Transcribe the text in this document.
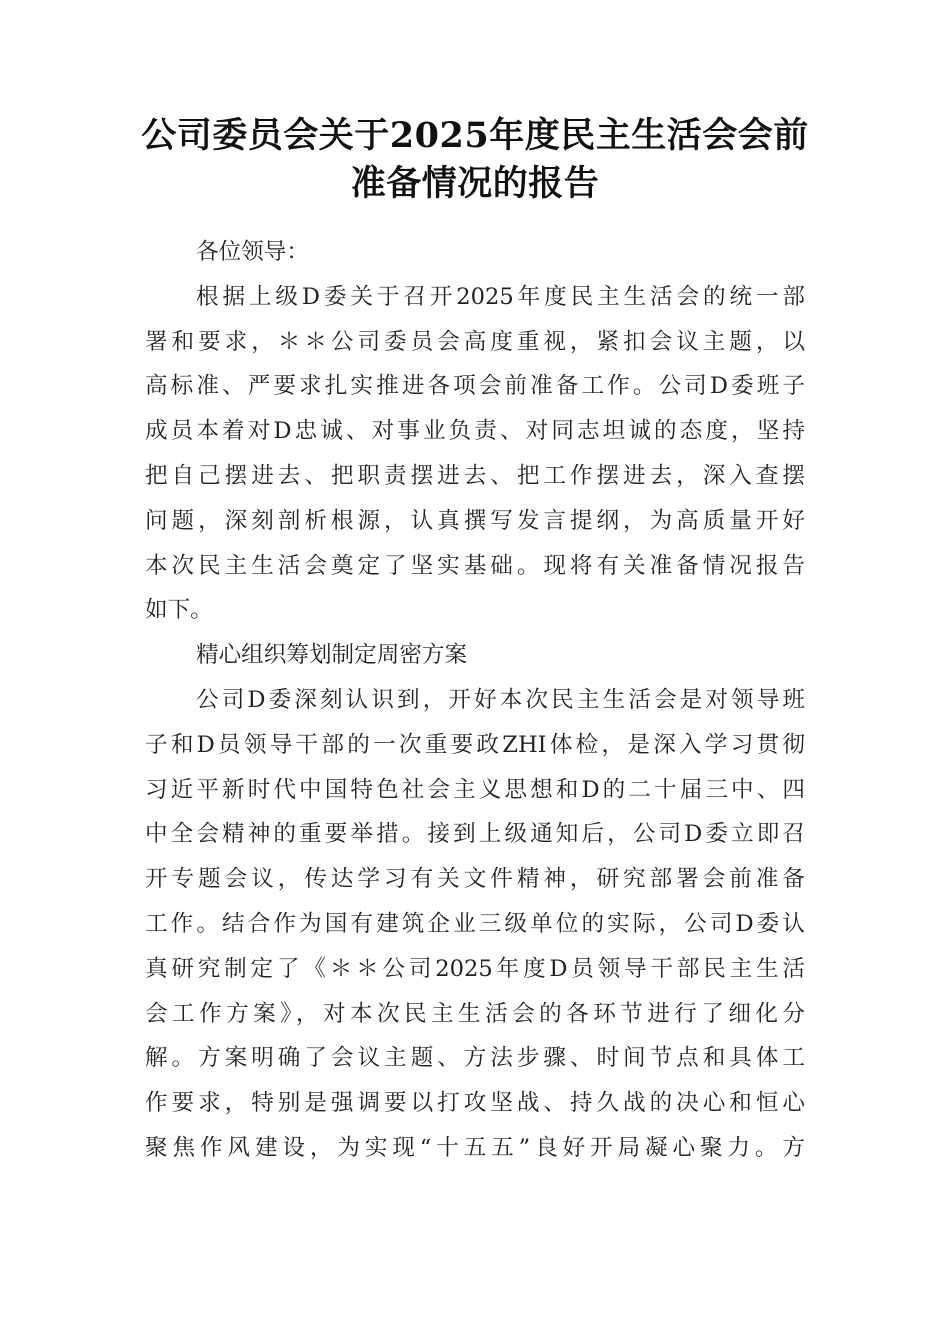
公司委员会关于2025年度民主生活会会前
准备情况的报告
各位领导：
根据上级D委关于召开2025年度民主生活会的统一部
署和要求，＊＊公司委员会高度重视，紧扣会议主题，以
高标准、严要求扎实推进各项会前准备工作。公司D委班子
成员本着对D忠诚、对事业负责、对同志坦诚的态度，坚持
把自己摆进去、把职责摆进去、把工作摆进去，深入查摆
问题，深刻剖析根源，认真撰写发言提纲，为高质量开好
本次民主生活会奠定了坚实基础。现将有关准备情况报告
如下。
精心组织筹划制定周密方案
公司D委深刻认识到，开好本次民主生活会是对领导班
子和D员领导干部的一次重要政ZHI体检，是深入学习贯彻
习近平新时代中国特色社会主义思想和D的二十届三中、四
中全会精神的重要举措。接到上级通知后，公司D委立即召
开专题会议，传达学习有关文件精神，研究部署会前准备
工作。结合作为国有建筑企业三级单位的实际，公司D委认
真研究制定了《＊＊公司2025年度D员领导干部民主生活
会工作方案》，对本次民主生活会的各环节进行了细化分
解。方案明确了会议主题、方法步骤、时间节点和具体工
作要求，特别是强调要以打攻坚战、持久战的决心和恒心
聚焦作风建设，为实现“十五五”良好开局凝心聚力。方
